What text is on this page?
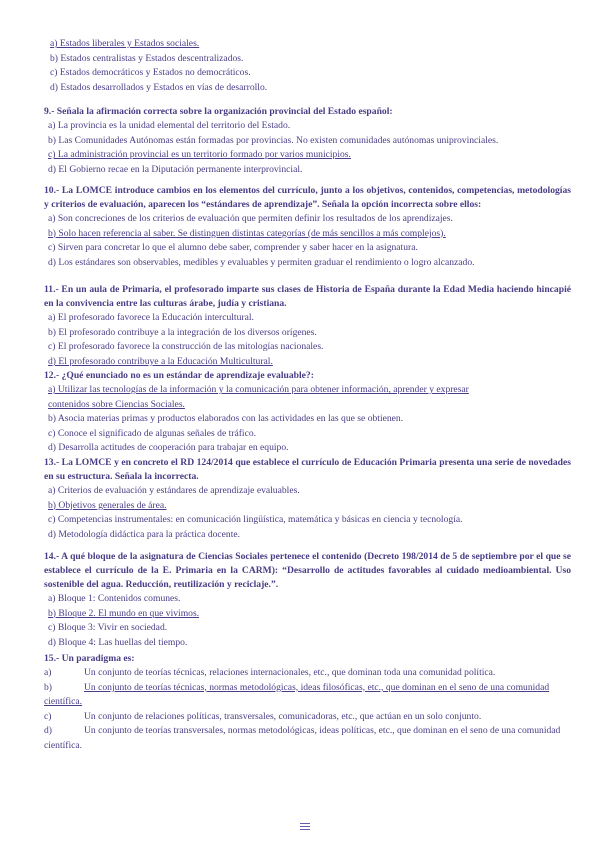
a) Estados liberales y Estados sociales.
b) Estados centralistas y Estados descentralizados.
c) Estados democráticos y Estados no democráticos.
d) Estados desarrollados y Estados en vías de desarrollo.
9.- Señala la afirmación correcta sobre la organización provincial del Estado español:
a) La provincia es la unidad elemental del territorio del Estado.
b) Las Comunidades Autónomas están formadas por provincias. No existen comunidades autónomas uniprovinciales.
c) La administración provincial es un territorio formado por varios municipios.
d) El Gobierno recae en la Diputación permanente interprovincial.
10.- La LOMCE introduce cambios en los elementos del currículo, junto a los objetivos, contenidos, competencias, metodologías y criterios de evaluación, aparecen los “estándares de aprendizaje”. Señala la opción incorrecta sobre ellos:
a) Son concreciones de los criterios de evaluación que permiten definir los resultados de los aprendizajes.
b) Solo hacen referencia al saber. Se distinguen distintas categorías (de más sencillos a más complejos).
c) Sirven para concretar lo que el alumno debe saber, comprender y saber hacer en la asignatura.
d) Los estándares son observables, medibles y evaluables y permiten graduar el rendimiento o logro alcanzado.
11.- En un aula de Primaria, el profesorado imparte sus clases de Historia de España durante la Edad Media haciendo hincapié en la convivencia entre las culturas árabe, judía y cristiana.
a) El profesorado favorece la Educación intercultural.
b) El profesorado contribuye a la integración de los diversos orígenes.
c) El profesorado favorece la construcción de las mitologías nacionales.
d) El profesorado contribuye a la Educación Multicultural.
12.- ¿Qué enunciado no es un estándar de aprendizaje evaluable?:
a) Utilizar las tecnologías de la información y la comunicación para obtener información, aprender y expresar
contenidos sobre Ciencias Sociales.
b) Asocia materias primas y productos elaborados con las actividades en las que se obtienen.
c) Conoce el significado de algunas señales de tráfico.
d) Desarrolla actitudes de cooperación para trabajar en equipo.
13.- La LOMCE y en concreto el RD 124/2014 que establece el currículo de Educación Primaria presenta una serie de novedades en su estructura. Señala la incorrecta.
a) Criterios de evaluación y estándares de aprendizaje evaluables.
b) Objetivos generales de área.
c) Competencias instrumentales: en comunicación lingüística, matemática y básicas en ciencia y tecnología.
d) Metodología didáctica para la práctica docente.
14.- A qué bloque de la asignatura de Ciencias Sociales pertenece el contenido (Decreto 198/2014 de 5 de septiembre por el que se establece el currículo de la E. Primaria en la CARM): “Desarrollo de actitudes favorables al cuidado medioambiental. Uso sostenible del agua. Reducción, reutilización y reciclaje.”.
a) Bloque 1: Contenidos comunes.
b) Bloque 2. El mundo en que vivimos.
c) Bloque 3: Vivir en sociedad.
d) Bloque 4: Las huellas del tiempo.
15.- Un paradigma es:
a)	Un conjunto de teorías técnicas, relaciones internacionales, etc., que dominan toda una comunidad política.
b)	Un conjunto de teorías técnicas, normas metodológicas, ideas filosóficas, etc., que dominan en el seno de una comunidad científica.
c)	Un conjunto de relaciones políticas, transversales, comunicadoras, etc., que actúan en un solo conjunto.
d)	Un conjunto de teorías transversales, normas metodológicas, ideas políticas, etc., que dominan en el seno de una comunidad científica.
